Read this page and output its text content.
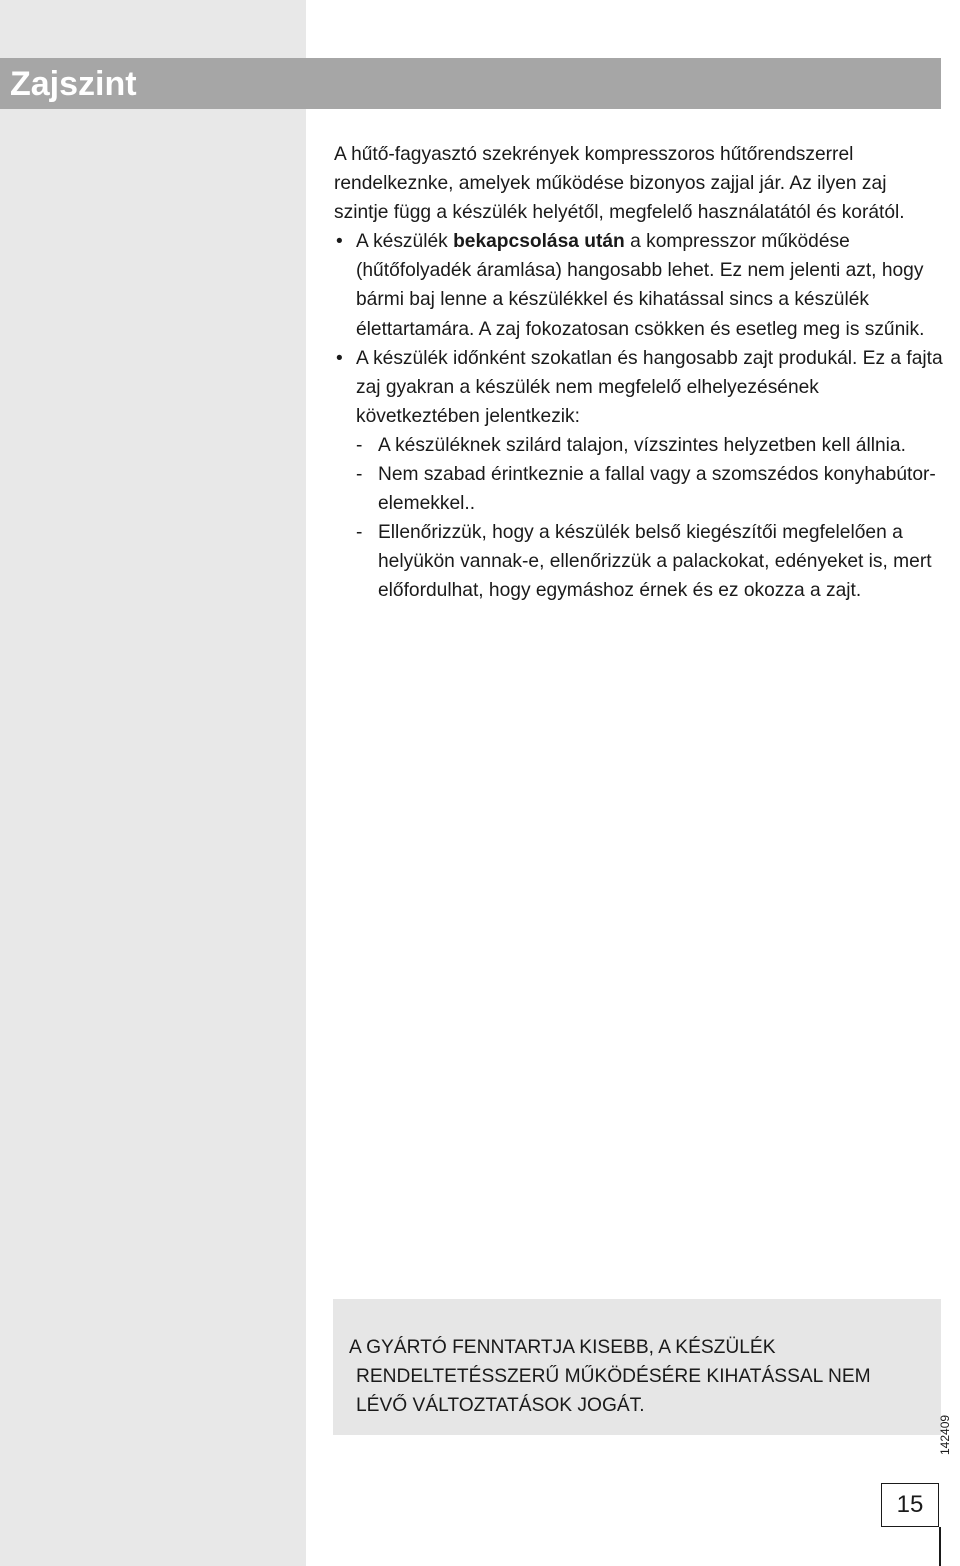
Zajszint

A hűtő-fagyasztó szekrények kompresszoros hűtőrendszerrel rendelkeznke, amelyek működése bizonyos zajjal jár. Az ilyen zaj szintje függ a készülék helyétől, megfelelő használatától és korától.

• A készülék bekapcsolása után a kompresszor működése (hűtőfolyadék áramlása) hangosabb lehet. Ez nem jelenti azt, hogy bármi baj lenne a készülékkel és kihatással sincs a készülék élettartamára. A zaj fokozatosan csökken és esetleg meg is szűnik.

• A készülék időnként szokatlan és hangosabb zajt produkál. Ez a fajta zaj gyakran a készülék nem megfelelő elhelyezésének következtében jelentkezik:

- A készüléknek szilárd talajon, vízszintes helyzetben kell állnia.

- Nem szabad érintkeznie a fallal vagy a szomszédos konyhabútor-elemekkel..

- Ellenőrizzük, hogy a készülék belső kiegészítői megfelelően a helyükön vannak-e, ellenőrizzük a palackokat, edényeket is, mert előfordulhat, hogy egymáshoz érnek és ez okozza a zajt.

A GYÁRTÓ FENNTARTJA KISEBB, A KÉSZÜLÉK
RENDELTETÉSSZERŰ MŰKÖDÉSÉRE KIHATÁSSAL NEM
LÉVŐ VÁLTOZTATÁSOK JOGÁT.
142409
15
